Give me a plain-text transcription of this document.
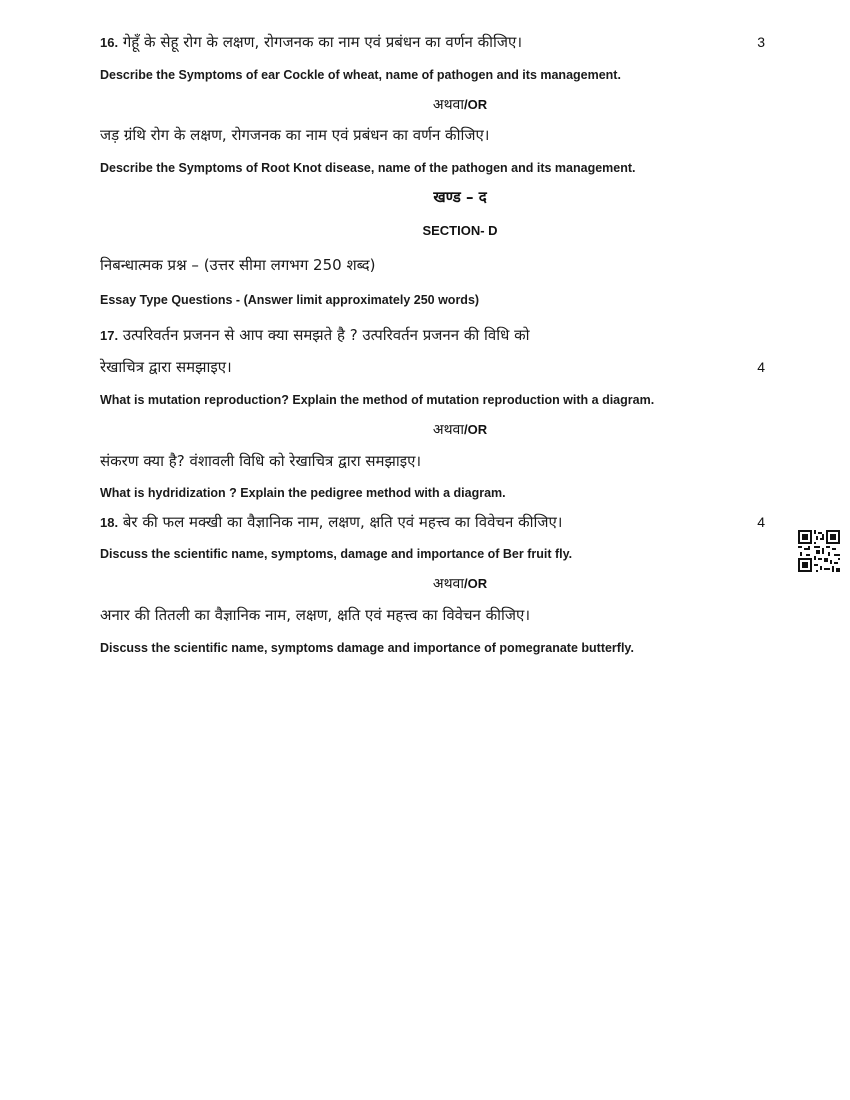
16. गेहूँ के सेहू रोग के लक्षण, रोगजनक का नाम एवं प्रबंधन का वर्णन कीजिए।	3
Describe the Symptoms of ear Cockle of wheat, name of pathogen and its management.
अथवा/OR
जड़ ग्रंथि रोग के लक्षण, रोगजनक का नाम एवं प्रबंधन का वर्णन कीजिए।
Describe the Symptoms of Root Knot disease, name of the pathogen and its management.
खण्ड – द
SECTION- D
निबन्धात्मक प्रश्न – (उत्तर सीमा लगभग 250 शब्द)
Essay Type Questions - (Answer limit approximately 250 words)
17. उत्परिवर्तन प्रजनन से आप क्या समझते है ? उत्परिवर्तन प्रजनन की विधि को
रेखाचित्र द्वारा समझाइए।	4
What is mutation reproduction? Explain the method of mutation reproduction with a diagram.
अथवा/OR
संकरण क्या है? वंशावली विधि को रेखाचित्र द्वारा समझाइए।
What is hydridization ? Explain the pedigree method with a diagram.
18. बेर की फल मक्खी का वैज्ञानिक नाम, लक्षण, क्षति एवं महत्त्व का विवेचन कीजिए।	4
Discuss the scientific name, symptoms, damage and importance of Ber fruit fly.
अथवा/OR
अनार की तितली का वैज्ञानिक नाम, लक्षण, क्षति एवं महत्त्व का विवेचन कीजिए।
Discuss the scientific name, symptoms damage and importance of pomegranate butterfly.
